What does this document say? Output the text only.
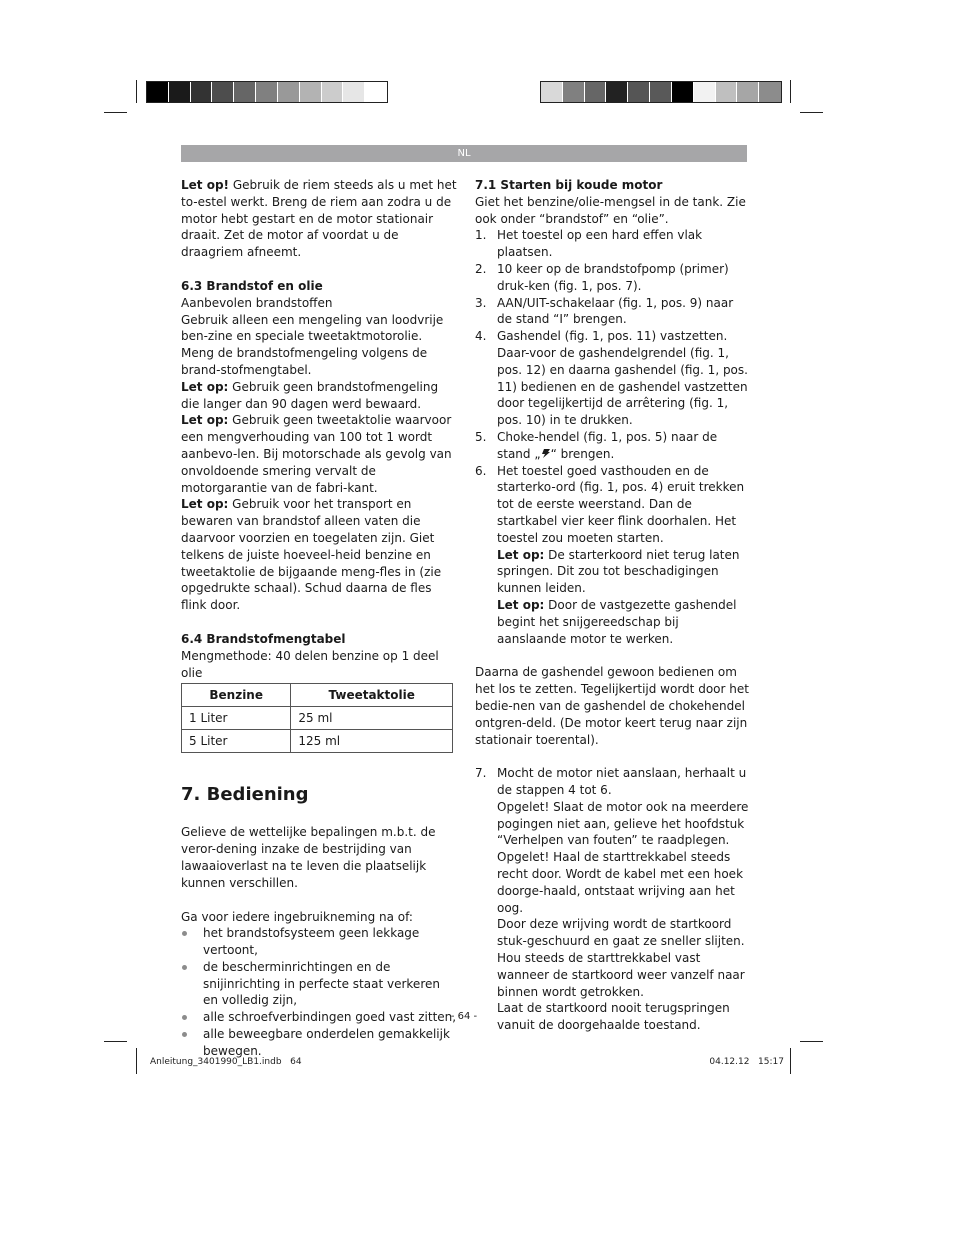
NL

Let op! Gebruik de riem steeds als u met het to-estel werkt. Breng de riem aan zodra u de motor hebt gestart en de motor stationair draait. Zet de motor af voordat u de draagriem afneemt.

6.3 Brandstof en olie

Aanbevolen brandstoffen

Gebruik alleen een mengeling van loodvrije ben-zine en speciale tweetaktmotorolie.

Meng de brandstofmengeling volgens de brand-stofmengtabel.

Let op: Gebruik geen brandstofmengeling die langer dan 90 dagen werd bewaard.

Let op: Gebruik geen tweetaktolie waarvoor een mengverhouding van 100 tot 1 wordt aanbevo-len. Bij motorschade als gevolg van onvoldoende smering vervalt de motorgarantie van de fabri-kant.

Let op: Gebruik voor het transport en bewaren van brandstof alleen vaten die daarvoor voorzien en toegelaten zijn. Giet telkens de juiste hoeveel-heid benzine en tweetaktolie de bijgaande meng-fles in (zie opgedrukte schaal). Schud daarna de fles flink door.

6.4 Brandstofmengtabel

Mengmethode: 40 delen benzine op 1 deel olie

Benzine	Tweetaktolie
1 Liter	25 ml
5 Liter	125 ml

7. Bediening

Gelieve de wettelijke bepalingen m.b.t. de veror-dening inzake de bestrijding van lawaaioverlast na te leven die plaatselijk kunnen verschillen.

Ga voor iedere ingebruikneming na of:

het brandstofsysteem geen lekkage vertoont,
de bescherminrichtingen en de snijinrichting in perfecte staat verkeren en volledig zijn,
alle schroefverbindingen goed vast zitten,
alle beweegbare onderdelen gemakkelijk bewegen.

7.1 Starten bij koude motor

Giet het benzine/olie-mengsel in de tank. Zie ook onder “brandstof” en “olie”.

1. Het toestel op een hard effen vlak plaatsen.
2. 10 keer op de brandstofpomp (primer) druk-ken (fig. 1, pos. 7).
3. AAN/UIT-schakelaar (fig. 1, pos. 9) naar de stand “I” brengen.
4. Gashendel (fig. 1, pos. 11) vastzetten. Daar-voor de gashendelgrendel (fig. 1, pos. 12) en daarna gashendel (fig. 1, pos. 11) bedienen en de gashendel vastzetten door tegelijkertijd de arrêtering (fig. 1, pos. 10) in te drukken.
5. Choke-hendel (fig. 1, pos. 5) naar de stand „ “ brengen.
6. Het toestel goed vasthouden en de starterko-ord (fig. 1, pos. 4) eruit trekken tot de eerste weerstand. Dan de startkabel vier keer flink doorhalen. Het toestel zou moeten starten.

Let op: De starterkoord niet terug laten springen. Dit zou tot beschadigingen kunnen leiden.

Let op: Door de vastgezette gashendel begint het snijgereedschap bij aanslaande motor te werken.

Daarna de gashendel gewoon bedienen om het los te zetten. Tegelijkertijd wordt door het bedie-nen van de gashendel de chokehendel ontgren-deld. (De motor keert terug naar zijn stationair toerental).

7. Mocht de motor niet aanslaan, herhaalt u de stappen 4 tot 6.

Opgelet! Slaat de motor ook na meerdere pogingen niet aan, gelieve het hoofdstuk “Verhelpen van fouten” te raadplegen.

Opgelet! Haal de starttrekkabel steeds recht door. Wordt de kabel met een hoek doorge-haald, ontstaat wrijving aan het oog.

Door deze wrijving wordt de startkoord stuk-geschuurd en gaat ze sneller slijten.

Hou steeds de starttrekkabel vast wanneer de startkoord weer vanzelf naar binnen wordt getrokken.

Laat de startkoord nooit terugspringen vanuit de doorgehaalde toestand.

- 64 -
Anleitung_3401990_LB1.indb   64	04.12.12   15:17
